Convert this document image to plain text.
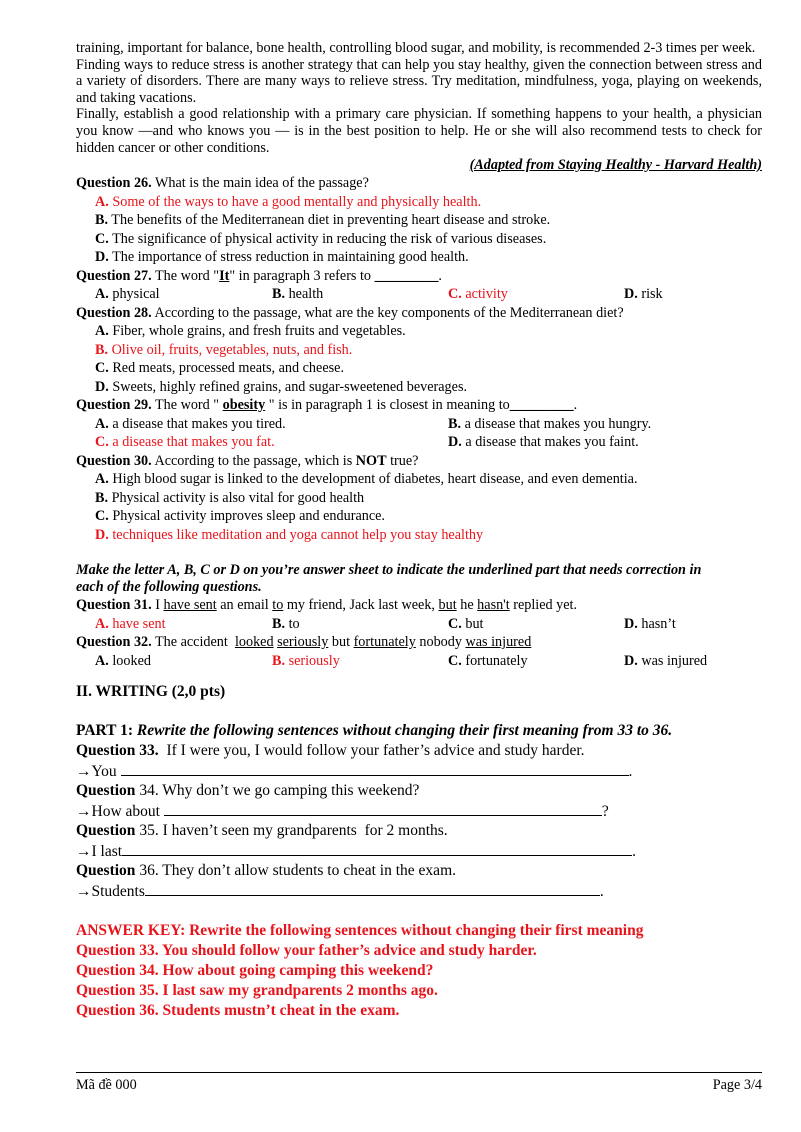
training, important for balance, bone health, controlling blood sugar, and mobility, is recommended 2-3 times per week.

Finding ways to reduce stress is another strategy that can help you stay healthy, given the connection between stress and a variety of disorders. There are many ways to relieve stress. Try meditation, mindfulness, yoga, playing on weekends, and taking vacations.

Finally, establish a good relationship with a primary care physician. If something happens to your health, a physician you know —and who knows you — is in the best position to help. He or she will also recommend tests to check for hidden cancer or other conditions.

(Adapted from Staying Healthy - Harvard Health)
Question 26. What is the main idea of the passage?
A. Some of the ways to have a good mentally and physically health.
B. The benefits of the Mediterranean diet in preventing heart disease and stroke.
C. The significance of physical activity in reducing the risk of various diseases.
D. The importance of stress reduction in maintaining good health.
Question 27. The word "It" in paragraph 3 refers to _________.
A. physical	B. health	C. activity	D. risk
Question 28. According to the passage, what are the key components of the Mediterranean diet?
A. Fiber, whole grains, and fresh fruits and vegetables.
B. Olive oil, fruits, vegetables, nuts, and fish.
C. Red meats, processed meats, and cheese.
D. Sweets, highly refined grains, and sugar-sweetened beverages.
Question 29. The word " obesity " is in paragraph 1 is closest in meaning to_________.
A. a disease that makes you tired.	B. a disease that makes you hungry.
C. a disease that makes you fat.	D. a disease that makes you faint.
Question 30. According to the passage, which is NOT true?
A. High blood sugar is linked to the development of diabetes, heart disease, and even dementia.
B. Physical activity is also vital for good health
C. Physical activity improves sleep and endurance.
D. techniques like meditation and yoga cannot help you stay healthy

Make the letter A, B, C or D on you’re answer sheet to indicate the underlined part that needs correction in each of the following questions.

Question 31. I have sent an email to my friend, Jack last week, but he hasn't replied yet.
A. have sent	B. to	C. but	D. hasn’t
Question 32. The accident  looked seriously but fortunately nobody was injured
A. looked	B. seriously	C. fortunately	D. was injured
II. WRITING (2,0 pts)
PART 1: Rewrite the following sentences without changing their first meaning from 33 to 36.
Question 33.  If I were you, I would follow your father’s advice and study harder.
→You	.
Question 34. Why don’t we go camping this weekend?
→How about	?
Question 35. I haven’t seen my grandparents  for 2 months.
→I last	.
Question 36. They don’t allow students to cheat in the exam.
→Students	.
ANSWER KEY: Rewrite the following sentences without changing their first meaning
Question 33. You should follow your father’s advice and study harder.
Question 34. How about going camping this weekend?
Question 35. I last saw my grandparents 2 months ago.
Question 36. Students mustn’t cheat in the exam.
Mã đề 000	Page 3/4
